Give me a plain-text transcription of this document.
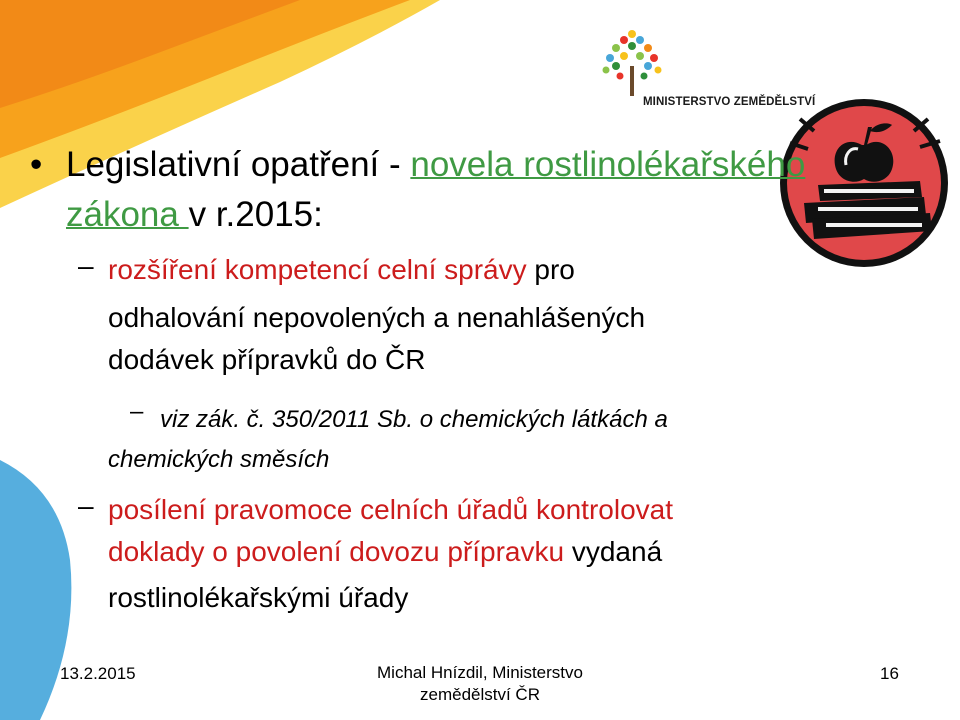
MINISTERSTVO ZEMĚDĚLSTVÍ
• Legislativní opatření - novela rostlinolékařského zákona v r.2015:
– rozšíření kompetencí celní správy pro
odhalování nepovolených a nenahlášených
dodávek přípravků do ČR
– viz zák. č. 350/2011 Sb. o chemických látkách a
chemických směsích
– posílení pravomoce celních úřadů kontrolovat
doklady o povolení dovozu přípravku vydaná
rostlinolékařskými úřady
13.2.2015	Michal Hnízdil, Ministerstvo
zemědělství ČR
16
